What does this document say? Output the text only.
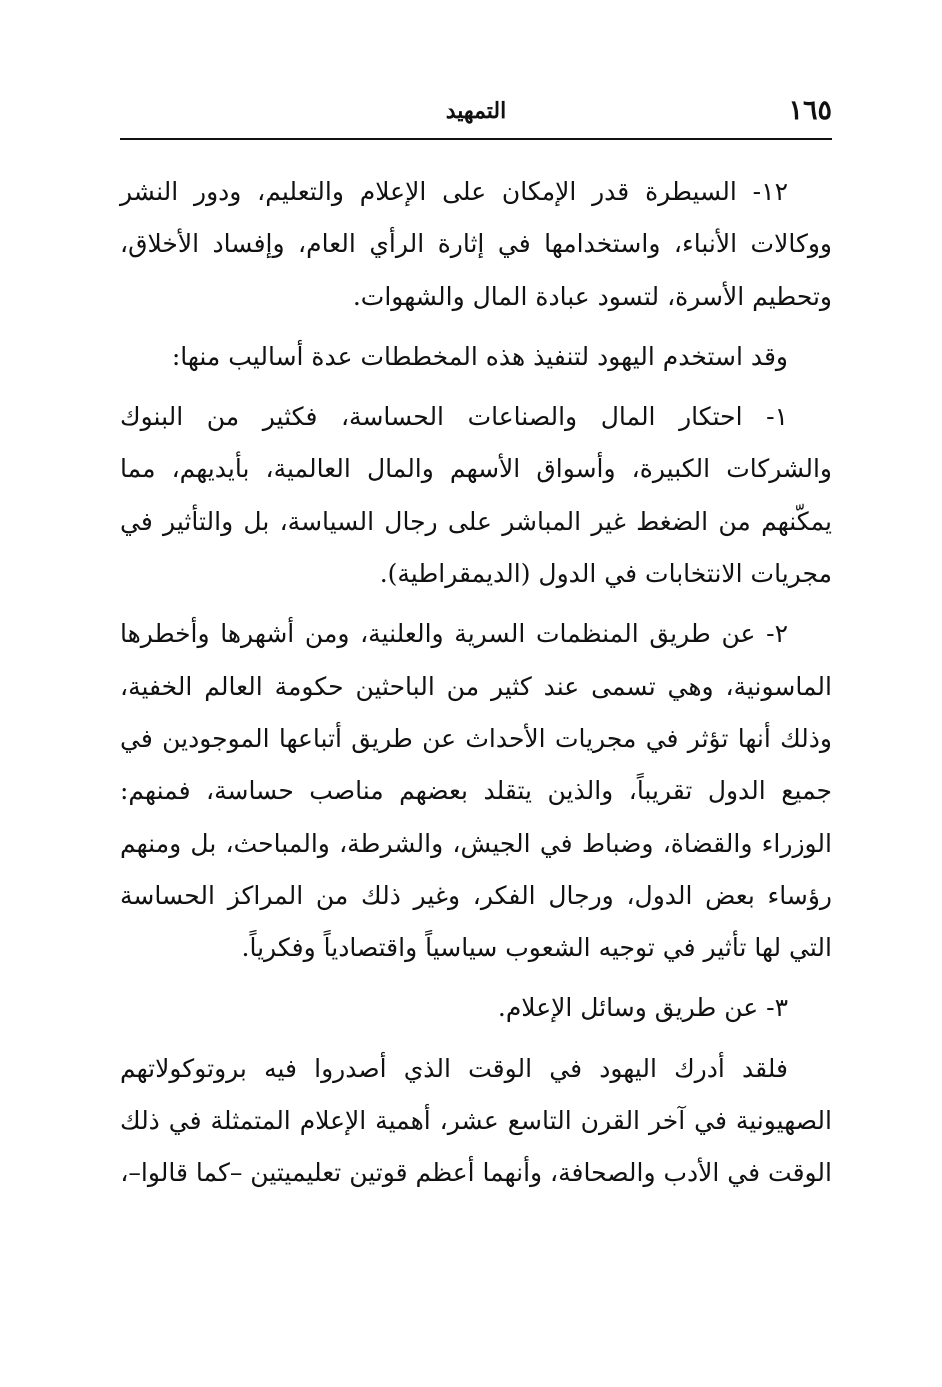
١٦٥
التمهيد

١٢- السيطرة قدر الإمكان على الإعلام والتعليم، ودور النشر ووكالات الأنباء، واستخدامها في إثارة الرأي العام، وإفساد الأخلاق، وتحطيم الأسرة، لتسود عبادة المال والشهوات.

وقد استخدم اليهود لتنفيذ هذه المخططات عدة أساليب منها:

١- احتكار المال والصناعات الحساسة، فكثير من البنوك والشركات الكبيرة، وأسواق الأسهم والمال العالمية، بأيديهم، مما يمكّنهم من الضغط غير المباشر على رجال السياسة، بل والتأثير في مجريات الانتخابات في الدول (الديمقراطية).

٢- عن طريق المنظمات السرية والعلنية، ومن أشهرها وأخطرها الماسونية، وهي تسمى عند كثير من الباحثين حكومة العالم الخفية، وذلك أنها تؤثر في مجريات الأحداث عن طريق أتباعها الموجودين في جميع الدول تقريباً، والذين يتقلد بعضهم مناصب حساسة، فمنهم: الوزراء والقضاة، وضباط في الجيش، والشرطة، والمباحث، بل ومنهم رؤساء بعض الدول، ورجال الفكر، وغير ذلك من المراكز الحساسة التي لها تأثير في توجيه الشعوب سياسياً واقتصادياً وفكرياً.

٣- عن طريق وسائل الإعلام.

فلقد أدرك اليهود في الوقت الذي أصدروا فيه بروتوكولاتهم الصهيونية في آخر القرن التاسع عشر، أهمية الإعلام المتمثلة في ذلك الوقت في الأدب والصحافة، وأنهما أعظم قوتين تعليميتين –كما قالوا–،
